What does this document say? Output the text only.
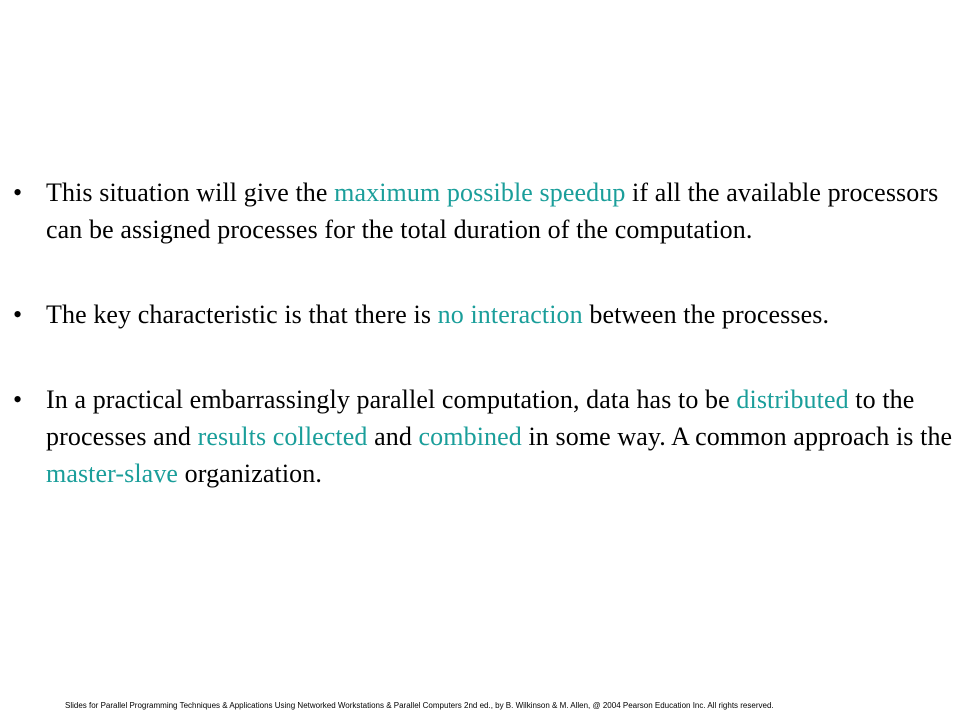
• This situation will give the maximum possible speedup if all the available processors can be assigned processes for the total duration of the computation.
• The key characteristic is that there is no interaction between the processes.
• In a practical embarrassingly parallel computation, data has to be distributed to the processes and results collected and combined in some way. A common approach is the master-slave organization.
Slides for Parallel Programming Techniques & Applications Using Networked Workstations & Parallel Computers 2nd ed., by B. Wilkinson & M. Allen, @ 2004 Pearson Education Inc. All rights reserved.
